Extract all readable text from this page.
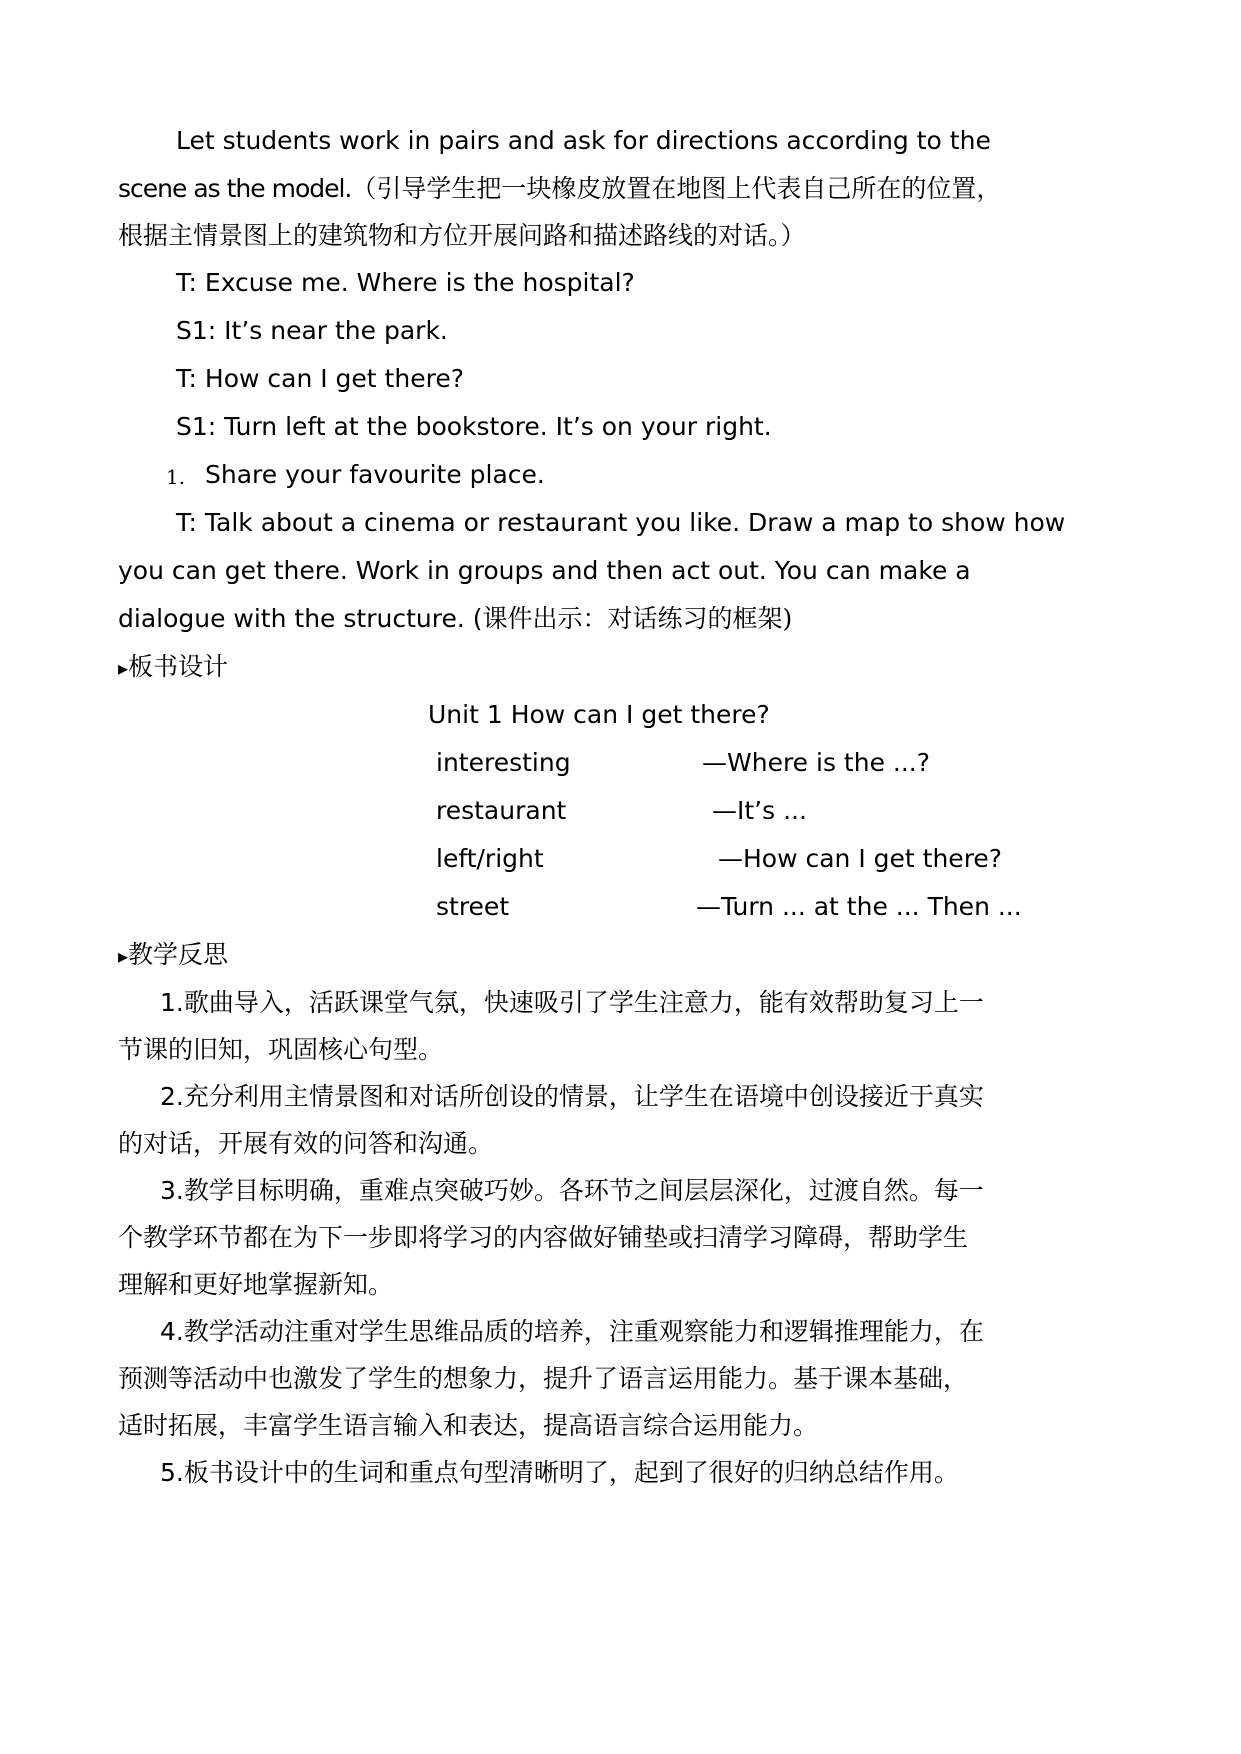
Let students work in pairs and ask for directions according to the
scene as the model.（引导学生把一块橡皮放置在地图上代表自己所在的位置，
根据主情景图上的建筑物和方位开展问路和描述路线的对话。）
T: Excuse me. Where is the hospital?
S1: It’s near the park.
T: How can I get there?
S1: Turn left at the bookstore. It’s on your right.
1. Share your favourite place.
T: Talk about a cinema or restaurant you like. Draw a map to show how
you can get there. Work in groups and then act out. You can make a
dialogue with the structure. (课件出示：对话练习的框架)
▸板书设计
Unit 1 How can I get there?
interesting	—Where is the ...?
restaurant	—It’s ...
left/right	—How can I get there?
street	—Turn ... at the ... Then ...
▸教学反思
1.歌曲导入，活跃课堂气氛，快速吸引了学生注意力，能有效帮助复习上一
节课的旧知，巩固核心句型。
2.充分利用主情景图和对话所创设的情景，让学生在语境中创设接近于真实
的对话，开展有效的问答和沟通。
3.教学目标明确，重难点突破巧妙。各环节之间层层深化，过渡自然。每一
个教学环节都在为下一步即将学习的内容做好铺垫或扫清学习障碍，帮助学生
理解和更好地掌握新知。
4.教学活动注重对学生思维品质的培养，注重观察能力和逻辑推理能力，在
预测等活动中也激发了学生的想象力，提升了语言运用能力。基于课本基础，
适时拓展，丰富学生语言输入和表达，提高语言综合运用能力。
5.板书设计中的生词和重点句型清晰明了，起到了很好的归纳总结作用。
